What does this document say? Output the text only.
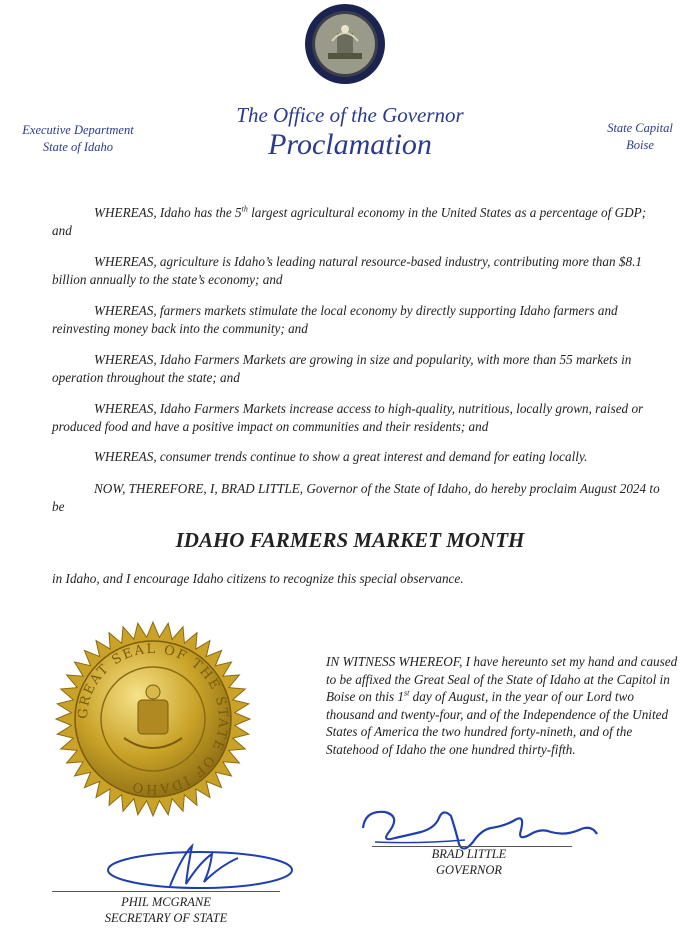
Executive Department
State of Idaho
The Office of the Governor
Proclamation	State Capital
Boise
WHEREAS, Idaho has the 5th largest agricultural economy in the United States as a percentage of GDP; and
WHEREAS, agriculture is Idaho’s leading natural resource-based industry, contributing more than $8.1 billion annually to the state’s economy; and
WHEREAS, farmers markets stimulate the local economy by directly supporting Idaho farmers and reinvesting money back into the community; and
WHEREAS, Idaho Farmers Markets are growing in size and popularity, with more than 55 markets in operation throughout the state; and
WHEREAS, Idaho Farmers Markets increase access to high-quality, nutritious, locally grown, raised or produced food and have a positive impact on communities and their residents; and
WHEREAS, consumer trends continue to show a great interest and demand for eating locally.
NOW, THEREFORE, I, BRAD LITTLE, Governor of the State of Idaho, do hereby proclaim August 2024 to be
IDAHO FARMERS MARKET MONTH
in Idaho, and I encourage Idaho citizens to recognize this special observance.
GREAT SEAL OF THE STATE OF IDAHO
IN WITNESS WHEREOF, I have hereunto set my hand and caused to be affixed the Great Seal of the State of Idaho at the Capitol in Boise on this 1st day of August, in the year of our Lord two thousand and twenty-four, and of the Independence of the United States of America the two hundred forty-nineth, and of the Statehood of Idaho the one hundred thirty-fifth.
BRAD LITTLE
GOVERNOR
PHIL MCGRANE
SECRETARY OF STATE
